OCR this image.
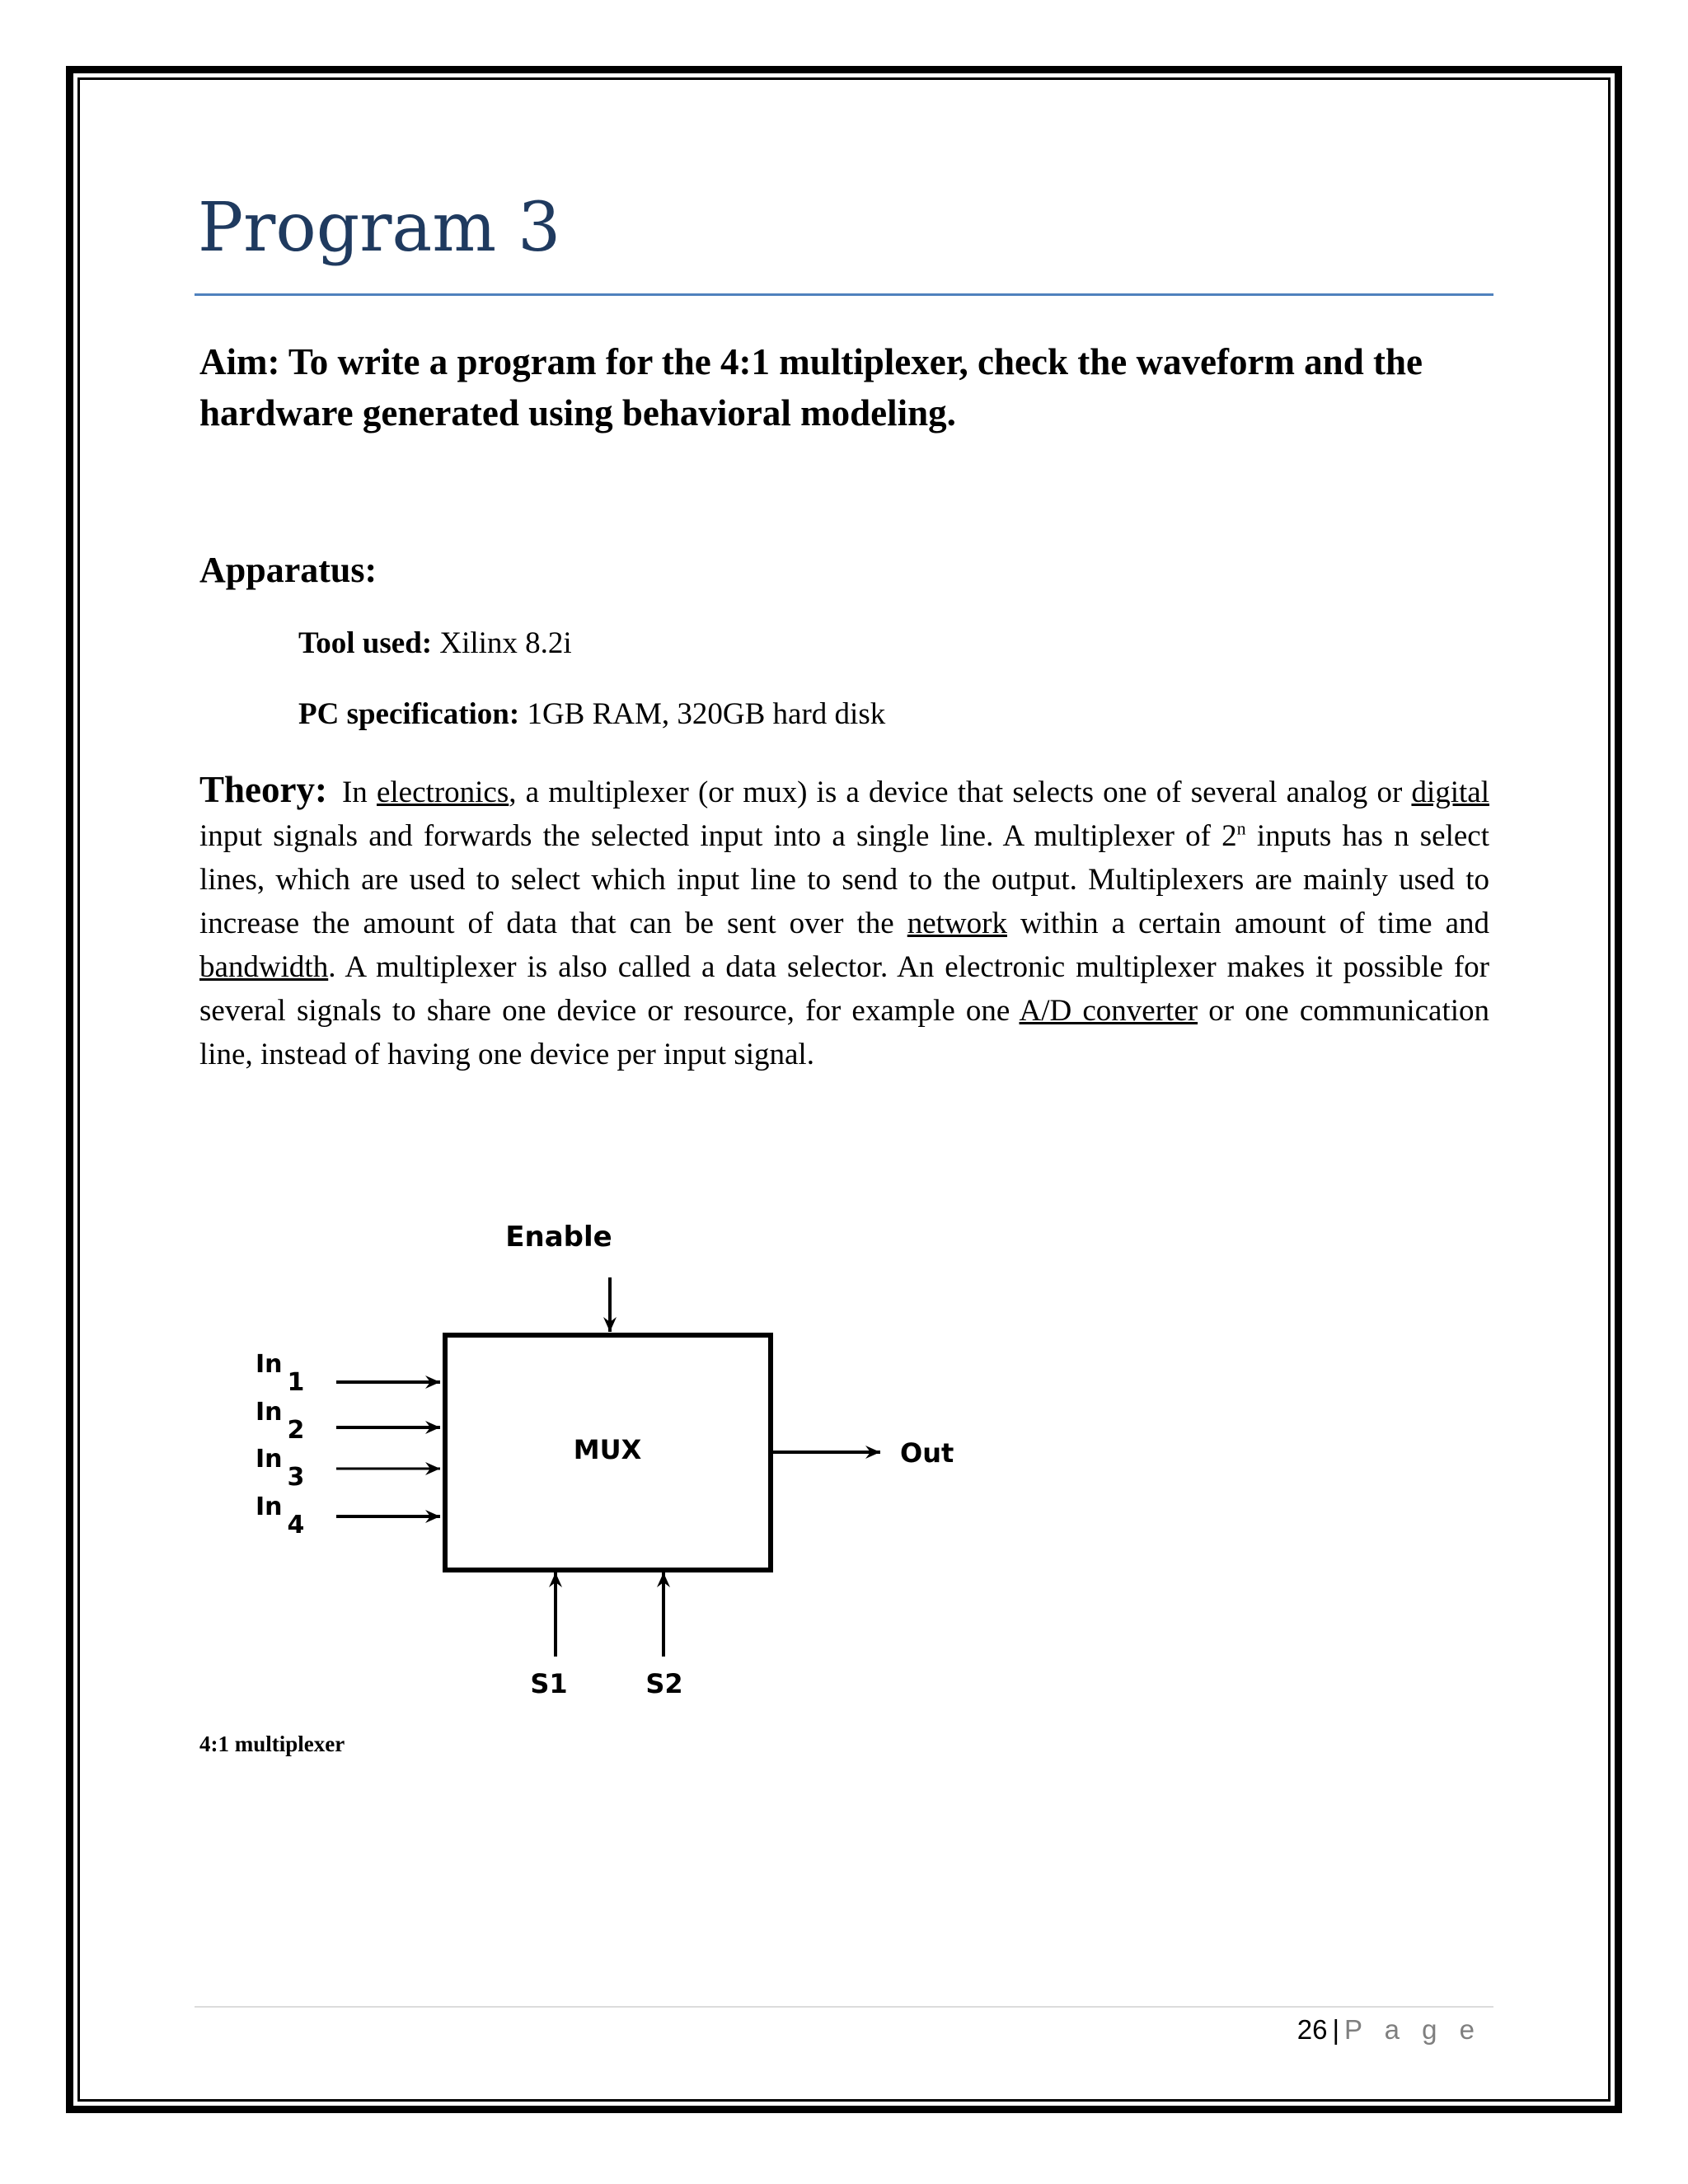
Program 3

Aim: To write a program for the 4:1 multiplexer, check the waveform and the hardware generated using behavioral modeling.

Apparatus:
Tool used: Xilinx 8.2i
PC specification: 1GB RAM, 320GB hard disk

Theory: In electronics, a multiplexer (or mux) is a device that selects one of several analog or digital input signals and forwards the selected input into a single line. A multiplexer of 2$^n$ inputs has n select lines, which are used to select which input line to send to the output. Multiplexers are mainly used to increase the amount of data that can be sent over the network within a certain amount of time and bandwidth. A multiplexer is also called a data selector. An electronic multiplexer makes it possible for several signals to share one device or resource, for example one A/D converter or one communication line, instead of having one device per input signal.

Enable
MUX	Out
In1
In2
In3
In4
S1	S2
4:1 multiplexer
26 | P a g e
